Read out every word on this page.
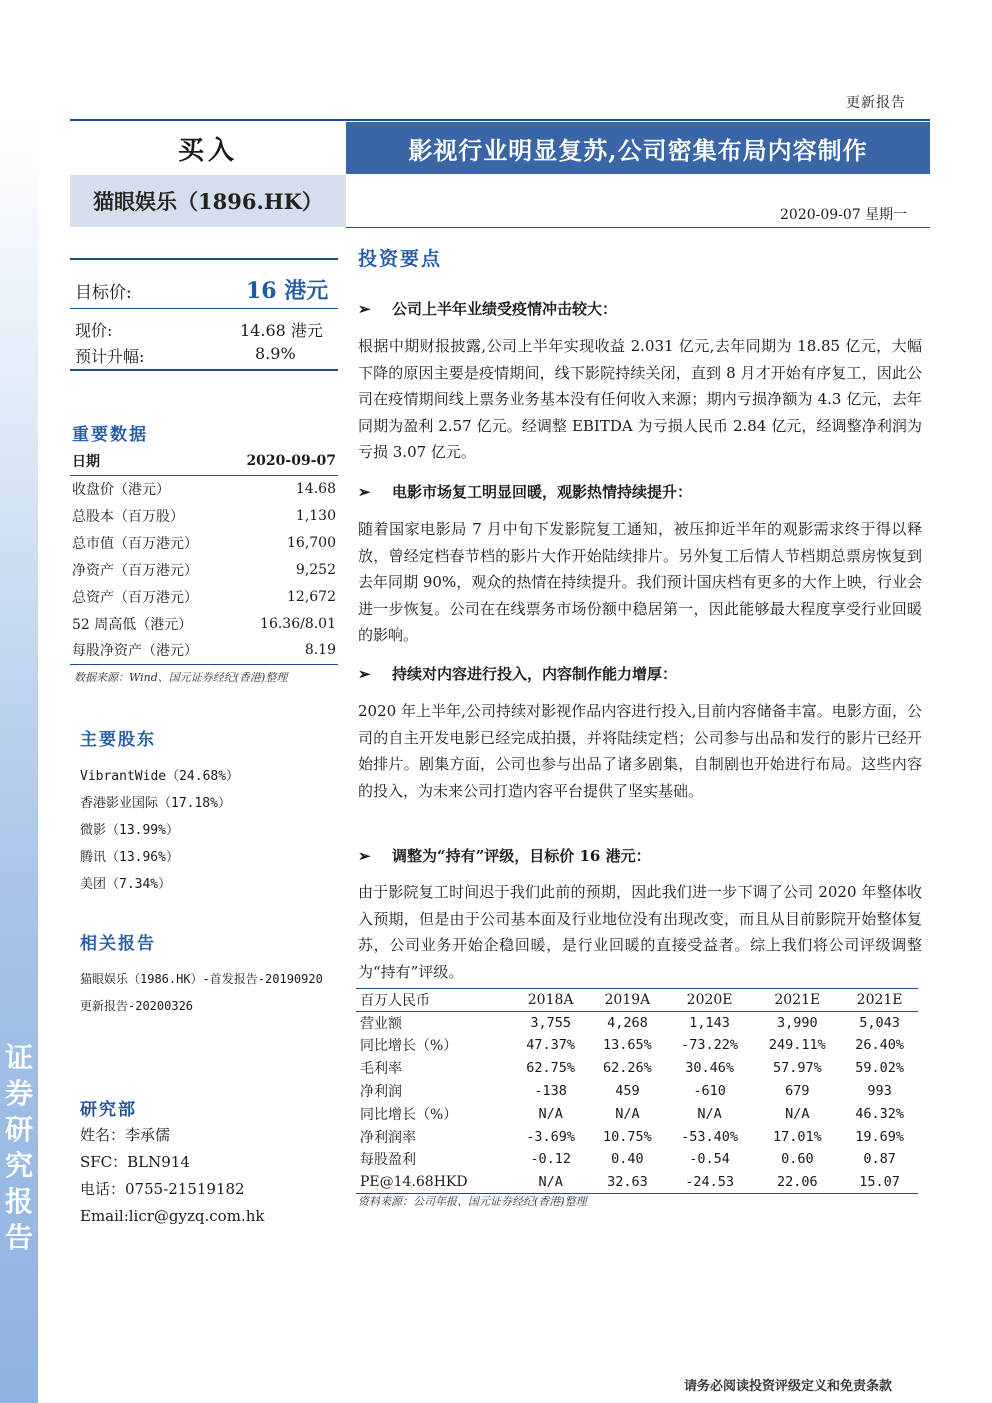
证
券
研
究
报
告
更新报告
买入	影视行业明显复苏,公司密集布局内容制作
猫眼娱乐（1896.HK）
2020-09-07 星期一
目标价:	16 港元
现价:	14.68 港元
预计升幅:	8.9%
重要数据
日期	2020-09-07
收盘价（港元）	14.68
总股本（百万股）	1,130
总市值（百万港元）	16,700
净资产（百万港元）	9,252
总资产（百万港元）	12,672
52 周高低（港元）	16.36/8.01
每股净资产（港元）	8.19
数据来源：Wind、国元证券经纪(香港)整理
主要股东
VibrantWide（24.68%）
香港影业国际（17.18%）
微影（13.99%）
腾讯（13.96%）
美团（7.34%）
相关报告
猫眼娱乐（1986.HK）-首发报告-20190920
更新报告-20200326
研究部
姓名：李承儒
SFC：BLN914
电话：0755-21519182
Email:licr@gyzq.com.hk
投资要点
➢ 公司上半年业绩受疫情冲击较大：
根据中期财报披露,公司上半年实现收益 2.031 亿元,去年同期为 18.85 亿元，大幅下降的原因主要是疫情期间，线下影院持续关闭，直到 8 月才开始有序复工，因此公司在疫情期间线上票务业务基本没有任何收入来源；期内亏损净额为 4.3 亿元，去年同期为盈利 2.57 亿元。经调整 EBITDA 为亏损人民币 2.84 亿元，经调整净利润为亏损 3.07 亿元。
➢ 电影市场复工明显回暖，观影热情持续提升：
随着国家电影局 7 月中旬下发影院复工通知，被压抑近半年的观影需求终于得以释放，曾经定档春节档的影片大作开始陆续排片。另外复工后情人节档期总票房恢复到去年同期 90%，观众的热情在持续提升。我们预计国庆档有更多的大作上映，行业会进一步恢复。公司在在线票务市场份额中稳居第一，因此能够最大程度享受行业回暖的影响。
➢ 持续对内容进行投入，内容制作能力增厚：
2020 年上半年,公司持续对影视作品内容进行投入,目前内容储备丰富。电影方面，公司的自主开发电影已经完成拍摄，并将陆续定档；公司参与出品和发行的影片已经开始排片。剧集方面，公司也参与出品了诸多剧集，自制剧也开始进行布局。这些内容的投入，为未来公司打造内容平台提供了坚实基础。
➢ 调整为“持有”评级，目标价 16 港元：
由于影院复工时间迟于我们此前的预期，因此我们进一步下调了公司 2020 年整体收入预期，但是由于公司基本面及行业地位没有出现改变，而且从目前影院开始整体复苏，公司业务开始企稳回暖，是行业回暖的直接受益者。综上我们将公司评级调整为“持有”评级。
百万人民币	2018A	2019A	2020E	2021E	2021E
营业额	3,755	4,268	1,143	3,990	5,043
同比增长（%）	47.37%	13.65%	-73.22%	249.11%	26.40%
毛利率	62.75%	62.26%	30.46%	57.97%	59.02%
净利润	-138	459	-610	679	993
同比增长（%）	N/A	N/A	N/A	N/A	46.32%
净利润率	-3.69%	10.75%	-53.40%	17.01%	19.69%
每股盈利	-0.12	0.40	-0.54	0.60	0.87
PE@14.68HKD	N/A	32.63	-24.53	22.06	15.07
资料来源：公司年报、国元证券经纪(香港)整理
请务必阅读投资评级定义和免责条款
